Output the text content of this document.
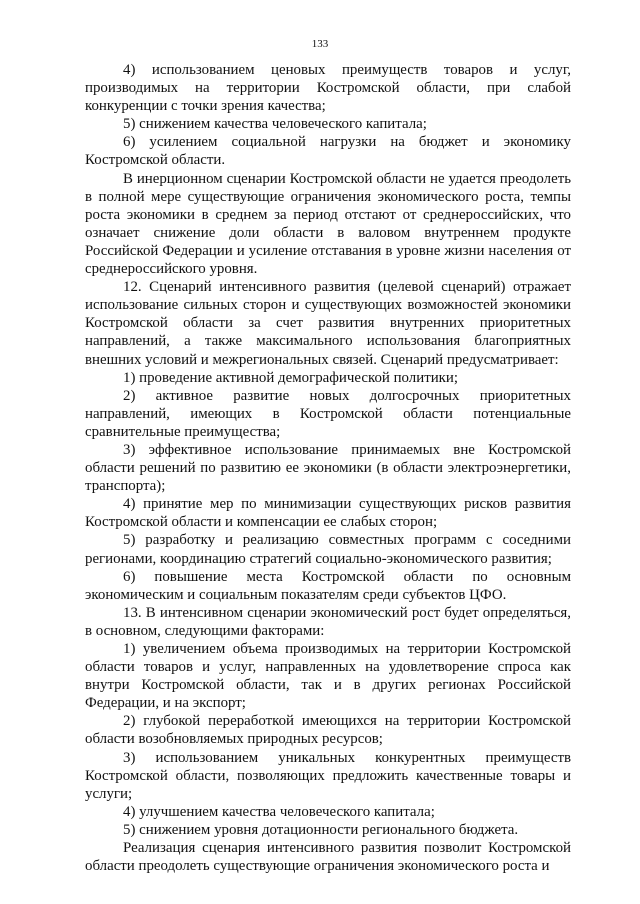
133

4) использованием ценовых преимуществ товаров и услуг, производимых на территории Костромской области, при слабой конкуренции с точки зрения качества;

5) снижением качества человеческого капитала;

6) усилением социальной нагрузки на бюджет и экономику Костромской области.

В инерционном сценарии Костромской области не удается преодолеть в полной мере существующие ограничения экономического роста, темпы роста экономики в среднем за период отстают от среднероссийских, что означает снижение доли области в валовом внутреннем продукте Российской Федерации и усиление отставания в уровне жизни населения от среднероссийского уровня.

12. Сценарий интенсивного развития (целевой сценарий) отражает использование сильных сторон и существующих возможностей экономики Костромской области за счет развития внутренних приоритетных направлений, а также максимального использования благоприятных внешних условий и межрегиональных связей. Сценарий предусматривает:

1) проведение активной демографической политики;

2) активное развитие новых долгосрочных приоритетных направлений, имеющих в Костромской области потенциальные сравнительные преимущества;

3) эффективное использование принимаемых вне Костромской области решений по развитию ее экономики (в области электроэнергетики, транспорта);

4) принятие мер по минимизации существующих рисков развития Костромской области и компенсации ее слабых сторон;

5) разработку и реализацию совместных программ с соседними регионами, координацию стратегий социально-экономического развития;

6) повышение места Костромской области по основным экономическим и социальным показателям среди субъектов ЦФО.

13. В интенсивном сценарии экономический рост будет определяться, в основном, следующими факторами:

1) увеличением объема производимых на территории Костромской области товаров и услуг, направленных на удовлетворение спроса как внутри Костромской области, так и в других регионах Российской Федерации, и на экспорт;

2) глубокой переработкой имеющихся на территории Костромской области возобновляемых природных ресурсов;

3) использованием уникальных конкурентных преимуществ Костромской области, позволяющих предложить качественные товары и услуги;

4) улучшением качества человеческого капитала;

5) снижением уровня дотационности регионального бюджета.

Реализация сценария интенсивного развития позволит Костромской области преодолеть существующие ограничения экономического роста и
